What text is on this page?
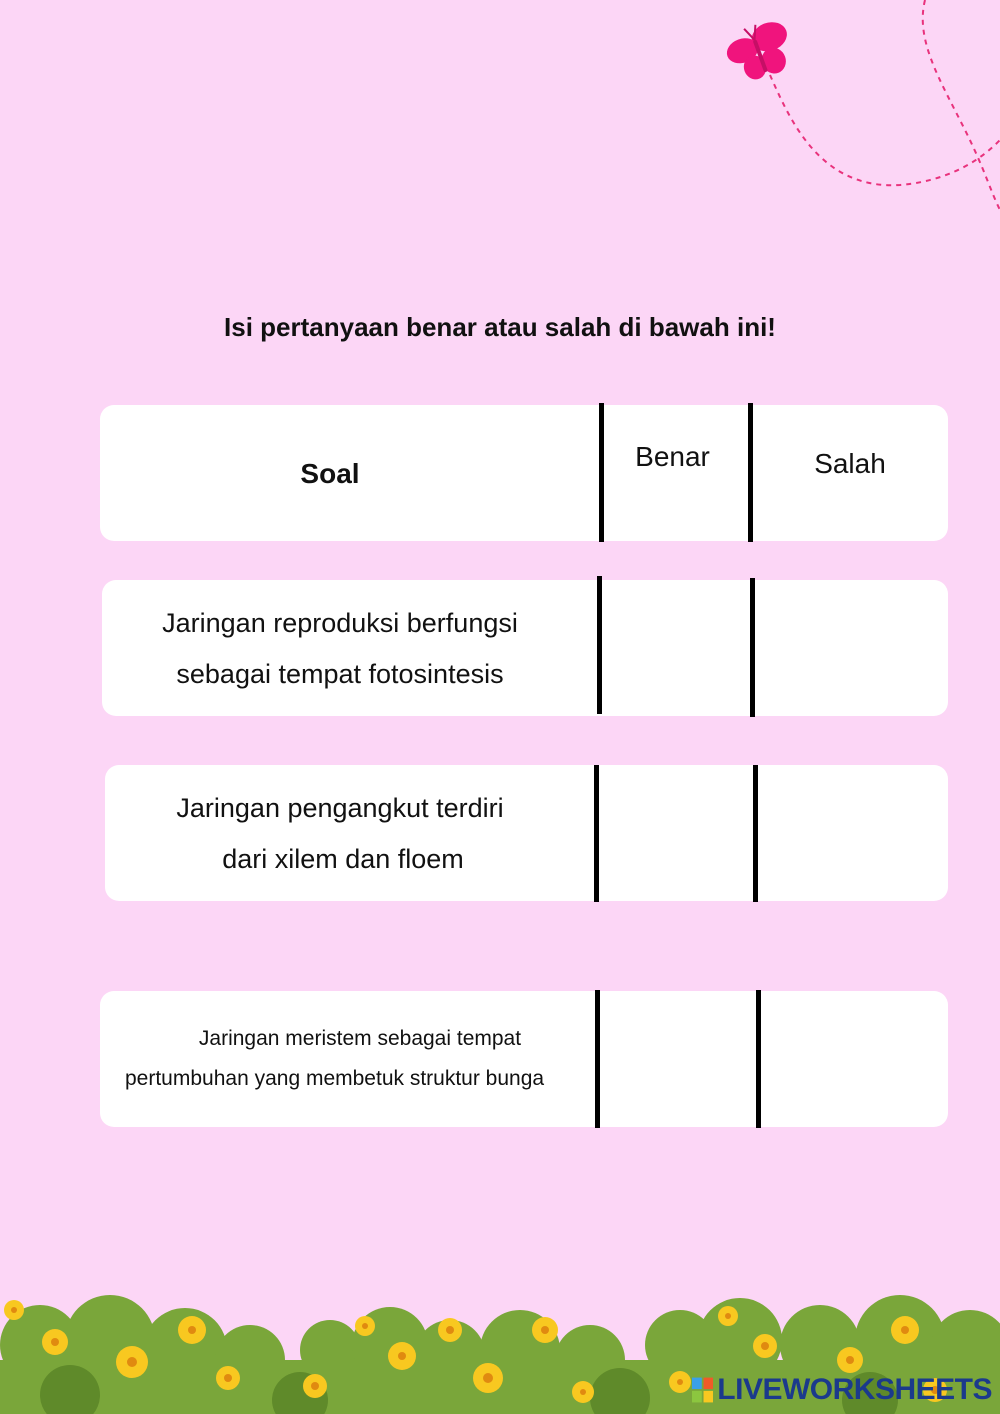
Isi pertanyaan benar atau salah di bawah ini!
Soal
Benar	Salah
Jaringan reproduksi berfungsi
sebagai tempat fotosintesis
Jaringan pengangkut terdiri
dari xilem dan floem
Jaringan meristem sebagai tempat
pertumbuhan yang membetuk struktur bunga
LIVEWORKSHEETS
